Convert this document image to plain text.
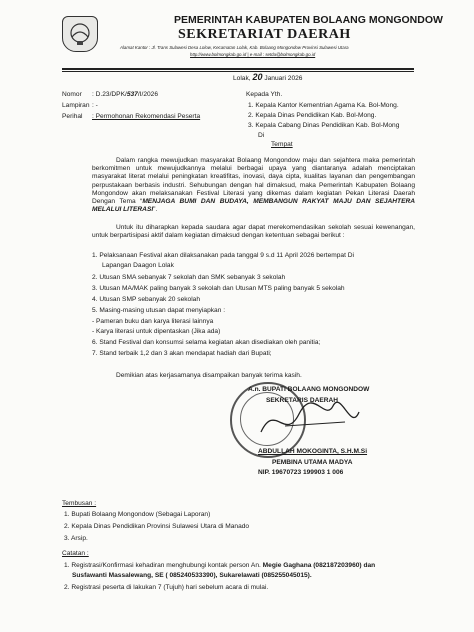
PEMERINTAH KABUPATEN BOLAANG MONGONDOW
SEKRETARIAT DAERAH
Alamat Kantor : Jl. Trans Sulawesi Desa Lolow, Kecamatan Lolak, Kab. Bolaang Mongondow Provinsi Sulawesi Utara
http://www.bolmongkab.go.id | e-mail : setda@bolmongkab.go.id
Lolak, 20 Januari 2026
Nomor : D.23/DPK/537/I/2026
Lampiran : -
Perihal : Permohonan Rekomendasi Peserta
Kepada Yth.
1. Kepala Kantor Kementrian Agama Ka. Bol-Mong.
2. Kepala Dinas Pendidikan Kab. Bol-Mong.
3. Kepala Cabang Dinas Pendidikan Kab. Bol-Mong
Di
Tempat
Dalam rangka mewujudkan masyarakat Bolaang Mongondow maju dan sejahtera maka pemerintah berkomitmen untuk mewujudkannya melalui berbagai upaya yang diantaranya adalah menciptakan masyarakat literat melalui peningkatan kreatifitas, inovasi, daya cipta, kualitas layanan dan pengembangan perpustakaan berbasis industri. Sehubungan dengan hal dimaksud, maka Pemerintah Kabupaten Bolaang Mongondow akan melaksanakan Festival Literasi yang dikemas dalam kegiatan Pekan Literasi Daerah Dengan Tema “MENJAGA BUMI DAN BUDAYA, MEMBANGUN RAKYAT MAJU DAN SEJAHTERA MELALUI LITERASI”.
Untuk itu diharapkan kepada saudara agar dapat merekomendasikan sekolah sesuai kewenangan, untuk berpartisipasi aktif dalam kegiatan dimaksud dengan ketentuan sebagai berikut :
1. Pelaksanaan Festival akan dilaksanakan pada tanggal 9 s.d 11 April 2026 bertempat Di
Lapangan Daagon Lolak
2. Utusan SMA sebanyak 7 sekolah dan SMK sebanyak 3 sekolah
3. Utusan MA/MAK paling banyak 3 sekolah dan Utusan MTS paling banyak 5 sekolah
4. Utusan SMP sebanyak 20 sekolah
5. Masing-masing utusan dapat menyiapkan :
- Pameran buku dan karya literasi lainnya
- Karya literasi untuk dipentaskan (Jika ada)
6. Stand Festival dan konsumsi selama kegiatan akan disediakan oleh panitia;
7. Stand terbaik 1,2 dan 3 akan mendapat hadiah dari Bupati;
Demikian atas kerjasamanya disampaikan banyak terima kasih.
A.n. BUPATI BOLAANG MONGONDOW
SEKRETARIS DAERAH
ABDULLAH MOKOGINTA, S.H.M.Si
PEMBINA UTAMA MADYA
NIP. 19670723 199903 1 006
Tembusan :
1. Bupati Bolaang Mongondow (Sebagai Laporan)
2. Kepala Dinas Pendidikan Provinsi Sulawesi Utara di Manado
3. Arsip.
Catatan :
1. Registrasi/Konfirmasi kehadiran menghubungi kontak person An. Megie Gaghana (082187203960) dan
Susfawanti Massalewang, SE ( 085240533390), Sukarelawati (085255045015).
2. Registrasi peserta di lakukan 7 (Tujuh) hari sebelum acara di mulai.
